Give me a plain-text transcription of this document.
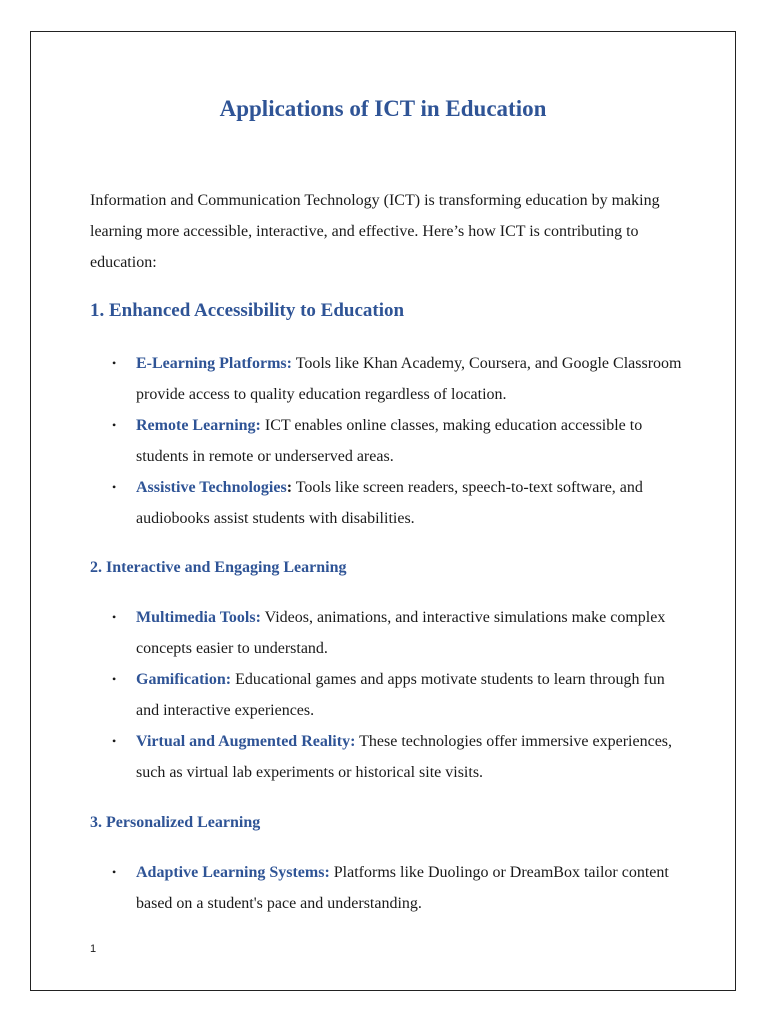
Applications of ICT in Education

Information and Communication Technology (ICT) is transforming education by making learning more accessible, interactive, and effective. Here’s how ICT is contributing to education:

1. Enhanced Accessibility to Education
• E-Learning Platforms: Tools like Khan Academy, Coursera, and Google Classroom provide access to quality education regardless of location.
• Remote Learning: ICT enables online classes, making education accessible to students in remote or underserved areas.
• Assistive Technologies: Tools like screen readers, speech-to-text software, and audiobooks assist students with disabilities.
2. Interactive and Engaging Learning
• Multimedia Tools: Videos, animations, and interactive simulations make complex concepts easier to understand.
• Gamification: Educational games and apps motivate students to learn through fun and interactive experiences.
• Virtual and Augmented Reality: These technologies offer immersive experiences, such as virtual lab experiments or historical site visits.
3. Personalized Learning
• Adaptive Learning Systems: Platforms like Duolingo or DreamBox tailor content based on a student's pace and understanding.

1
